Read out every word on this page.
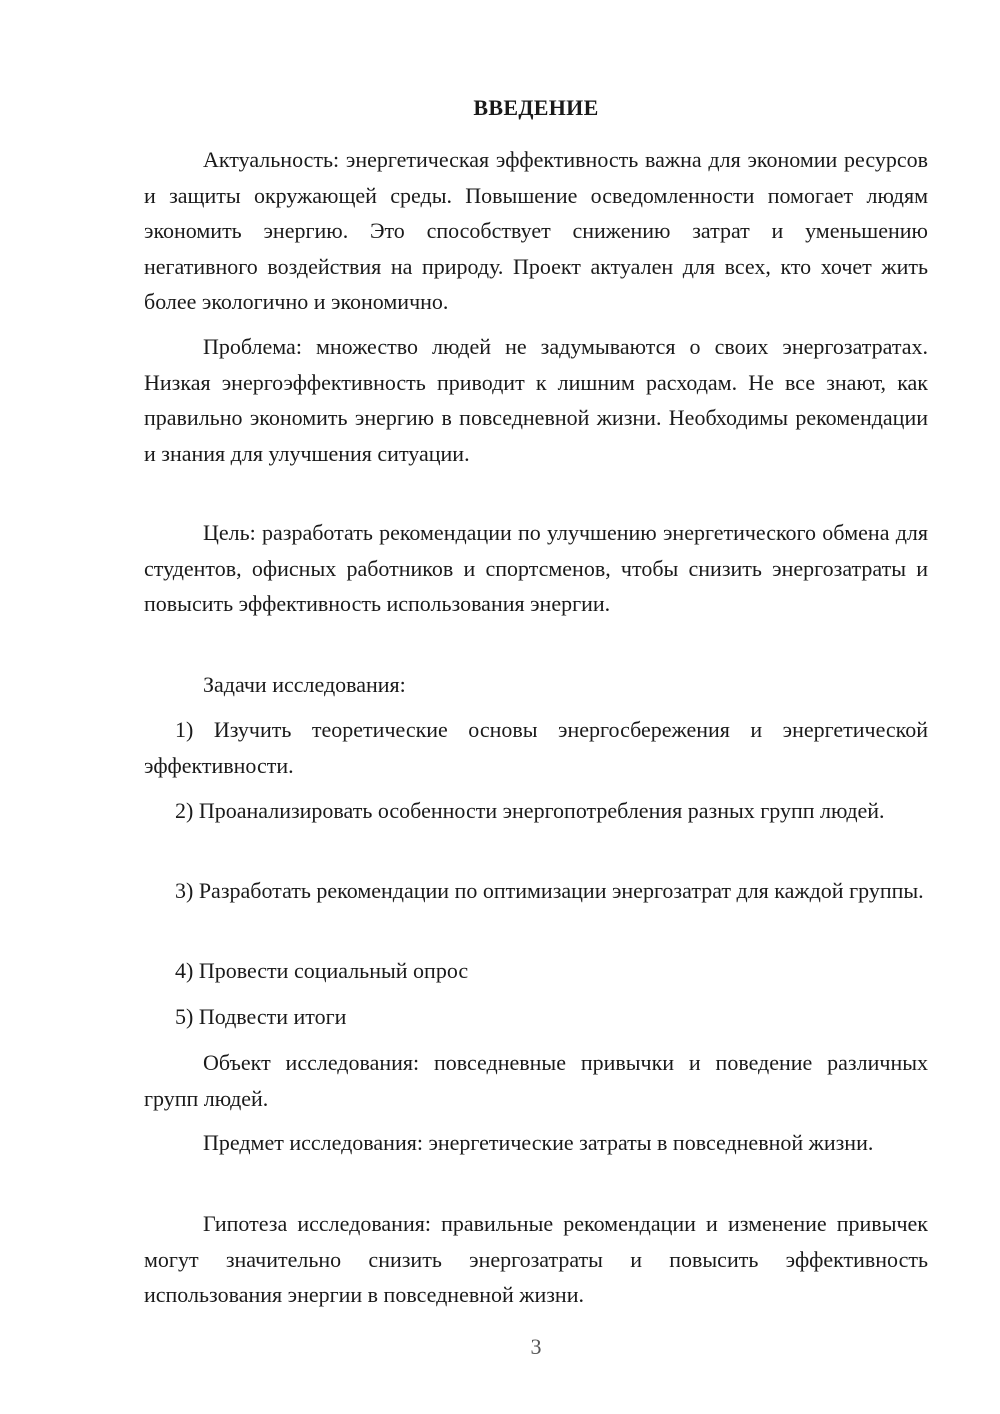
ВВЕДЕНИЕ

Актуальность: энергетическая эффективность важна для экономии ресурсов и защиты окружающей среды. Повышение осведомленности помогает людям экономить энергию. Это способствует снижению затрат и уменьшению негативного воздействия на природу. Проект актуален для всех, кто хочет жить более экологично и экономично.

Проблема: множество людей не задумываются о своих энергозатратах. Низкая энергоэффективность приводит к лишним расходам. Не все знают, как правильно экономить энергию в повседневной жизни. Необходимы рекомендации и знания для улучшения ситуации.

Цель: разработать рекомендации по улучшению энергетического обмена для студентов, офисных работников и спортсменов, чтобы снизить энергозатраты и повысить эффективность использования энергии.

Задачи исследования:

1) Изучить теоретические основы энергосбережения и энергетической эффективности.

2) Проанализировать особенности энергопотребления разных групп людей.

3) Разработать рекомендации по оптимизации энергозатрат для каждой группы.

4) Провести социальный опрос

5) Подвести итоги

Объект исследования: повседневные привычки и поведение различных групп людей.

Предмет исследования: энергетические затраты в повседневной жизни.

Гипотеза исследования: правильные рекомендации и изменение привычек могут значительно снизить энергозатраты и повысить эффективность использования энергии в повседневной жизни.

3
